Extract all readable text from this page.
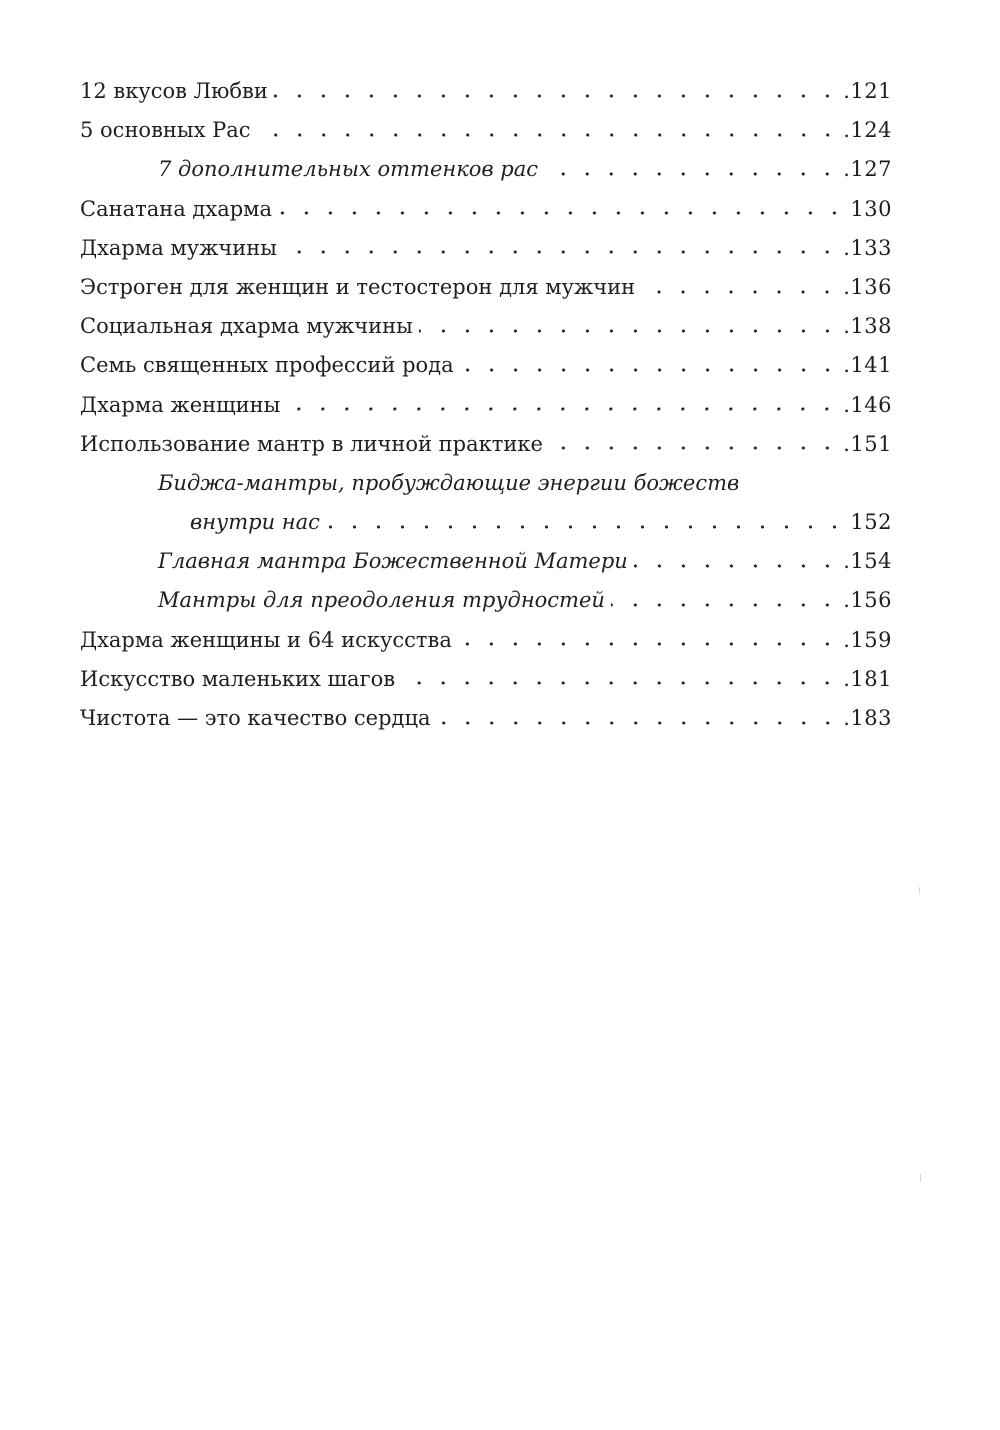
12 вкусов Любви	.121
5 основных Рас	.124
7 дополнительных оттенков рас	.127
Санатана дхарма	130
Дхарма мужчины	.133
Эстроген для женщин и тестостерон для мужчин	.136
Социальная дхарма мужчины	.138
Семь священных профессий рода	.141
Дхарма женщины	.146
Использование мантр в личной практике	.151
Биджа-мантры, пробуждающие энергии божеств
внутри нас	152
Главная мантра Божественной Матери	.154
Мантры для преодоления трудностей	.156
Дхарма женщины и 64 искусства	.159
Искусство маленьких шагов	.181
Чистота — это качество сердца	.183
